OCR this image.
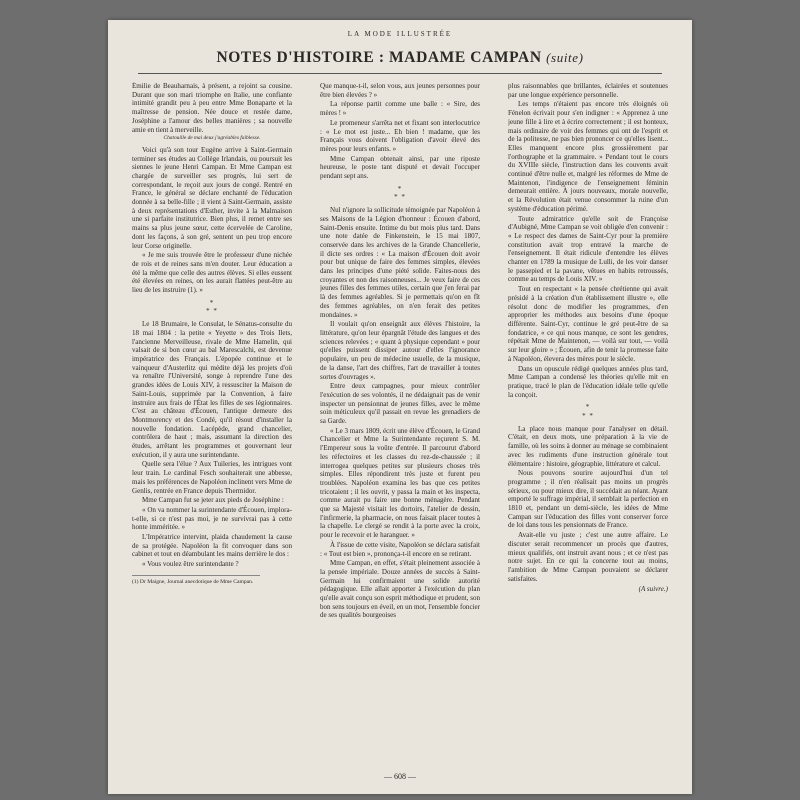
LA MODE ILLUSTRÉE
NOTES D'HISTOIRE : MADAME CAMPAN (suite)

Émilie de Beauharnais, à présent, a rejoint sa cousine. Durant que son mari triomphe en Italie, une confiante intimité grandit peu à peu entre Mme Bonaparte et la maîtresse de pension. Née douce et restée dame, Joséphine a l'amour des belles manières ; sa nouvelle amie en tient à merveille.

Chatouille de mai deux j'agréables faiblesse.

Voici qu'à son tour Eugène arrive à Saint-Germain terminer ses études au Collège Irlandais, ou poursuit les siennes le jeune Henri Campan. Et Mme Campan est chargée de surveiller ses progrès, lui sert de correspondant, le reçoit aux jours de congé. Rentré en France, le général se déclare enchanté de l'éducation donnée à sa belle-fille ; il vient à Saint-Germain, assiste à deux représentations d'Esther, invite à la Malmaison une si parfaite institutrice. Bien plus, il remet entre ses mains sa plus jeune sœur, cette écervelée de Caroline, dont les façons, à son gré, sentent un peu trop encore leur Corse originelle.

« Je me suis trouvée être le professeur d'une nichée de rois et de reines sans m'en douter. Leur éducation a été la même que celle des autres élèves. Si elles eussent été élevées en reines, on les aurait flattées peut-être au lieu de les instruire (1). »

*
* *

Le 18 Brumaire, le Consulat, le Sénatus-consulte du 18 mai 1804 : la petite « Yeyette » des Trois Ilets, l'ancienne Merveilleuse, rivale de Mme Hamelin, qui valsait de si bon cœur au bal Marescalchi, est devenue impératrice des Français. L'épopée continue et le vainqueur d'Austerlitz qui médite déjà les projets d'où va renaître l'Université, songe à reprendre l'une des grandes idées de Louis XIV, à ressusciter la Maison de Saint-Louis, supprimée par la Convention, à faire instruire aux frais de l'État les filles de ses légionnaires. C'est au château d'Écouen, l'antique demeure des Montmorency et des Condé, qu'il résout d'installer la nouvelle fondation. Lacépède, grand chancelier, contrôlera de haut ; mais, assumant la direction des études, arrêtant les programmes et gouvernant leur exécution, il y aura une surintendante.

Quelle sera l'élue ? Aux Tuileries, les intrigues vont leur train. Le cardinal Fesch souhaiterait une abbesse, mais les préférences de Napoléon inclinent vers Mme de Genlis, rentrée en France depuis Thermidor.

Mme Campan fut se jeter aux pieds de Joséphine :

« On va nommer la surintendante d'Écouen, implora-t-elle, si ce n'est pas moi, je ne survivrai pas à cette honte imméritée. »

L'Impératrice intervint, plaida chaudement la cause de sa protégée. Napoléon la fit convoquer dans son cabinet et tout en déambulant les mains derrière le dos :

« Vous voulez être surintendante ?

(1) Dr Maigne, Journal anecdotique de Mme Campan.

Que manque-t-il, selon vous, aux jeunes personnes pour être bien élevées ? »

La réponse partit comme une balle : « Sire, des mères ! »

Le promeneur s'arrêta net et fixant son interlocutrice : « Le mot est juste... Eh bien ! madame, que les Français vous doivent l'obligation d'avoir élevé des mères pour leurs enfants. »

Mme Campan obtenait ainsi, par une riposte heureuse, le poste tant disputé et devait l'occuper pendant sept ans.

*
* *

Nul n'ignore la sollicitude témoignée par Napoléon à ses Maisons de la Légion d'honneur : Écouen d'abord, Saint-Denis ensuite. Intime du but mois plus tard. Dans une note datée de Finkenstein, le 15 mai 1807, conservée dans les archives de la Grande Chancellerie, il dicte ses ordres : « La maison d'Écouen doit avoir pour but unique de faire des femmes simples, élevées dans les principes d'une piété solide. Faites-nous des croyantes et non des raisonneuses... Je veux faire de ces jeunes filles des femmes utiles, certain que j'en ferai par là des femmes agréables. Si je permettais qu'on en fît des femmes agréables, on n'en ferait des petites mondaines. »

Il voulait qu'on enseignât aux élèves l'histoire, la littérature, qu'on leur épargnât l'étude des langues et des sciences relevées ; « quant à physique cependant » pour qu'elles puissent dissiper autour d'elles l'ignorance populaire, un peu de médecine usuelle, de la musique, de la danse, l'art des chiffres, l'art de travailler à toutes sortes d'ouvrages ».

Entre deux campagnes, pour mieux contrôler l'exécution de ses volontés, il ne dédaignait pas de venir inspecter un pensionnat de jeunes filles, avec le même soin méticuleux qu'il passait en revue les grenadiers de sa Garde.

« Le 3 mars 1809, écrit une élève d'Écouen, le Grand Chancelier et Mme la Surintendante reçurent S. M. l'Empereur sous la voûte d'entrée. Il parcourut d'abord les réfectoires et les classes du rez-de-chaussée ; il interrogea quelques petites sur plusieurs choses très simples. Elles répondirent très juste et furent peu troublées. Napoléon examina les bas que ces petites tricotaient ; il les ouvrit, y passa la main et les inspecta, comme aurait pu faire une bonne ménagère. Pendant que sa Majesté visitait les dortoirs, l'atelier de dessin, l'infirmerie, la pharmacie, on nous faisait placer toutes à la chapelle. Le clergé se rendit à la porte avec la croix, pour le recevoir et le haranguer. »

À l'issue de cette visite, Napoléon se déclara satisfait : « Tout est bien », prononça-t-il encore en se retirant.

Mme Campan, en effet, s'était pleinement associée à la pensée impériale. Douze années de succès à Saint-Germain lui confirmaient une solide autorité pédagogique. Elle allait apporter à l'exécution du plan qu'elle avait conçu son esprit méthodique et prudent, son bon sens toujours en éveil, en un mot, l'ensemble foncier de ses qualités bourgeoises

plus raisonnables que brillantes, éclairées et soutenues par une longue expérience personnelle.

Les temps n'étaient pas encore très éloignés où Fénelon écrivait pour s'en indigner : « Apprenez à une jeune fille à lire et à écrire correctement ; il est honteux, mais ordinaire de voir des femmes qui ont de l'esprit et de la politesse, ne pas bien prononcer ce qu'elles lisent... Elles manquent encore plus grossièrement par l'orthographe et la grammaire. » Pendant tout le cours du XVIIIe siècle, l'instruction dans les couvents avait continué d'être nulle et, malgré les réformes de Mme de Maintenon, l'indigence de l'enseignement féminin demeurait entière. À jours nouveaux, morale nouvelle, et la Révolution était venue consommer la ruine d'un système d'éducation périmé.

Toute admiratrice qu'elle soit de Françoise d'Aubigné, Mme Campan se voit obligée d'en convenir : « Le respect des dames de Saint-Cyr pour la première constitution avait trop entravé la marche de l'enseignement. Il était ridicule d'entendre les élèves chanter en 1789 la musique de Lulli, de les voir danser le passepied et la pavane, vêtues en habits retroussés, comme au temps de Louis XIV. »

Tout en respectant « la pensée chrétienne qui avait présidé à la création d'un établissement illustre », elle résolut donc de modifier les programmes, d'en approprier les méthodes aux besoins d'une époque différente. Saint-Cyr, continue le gré peut-être de sa fondatrice, « ce qui nous manque, ce sont les gendres, répétait Mme de Maintenon, — voilà sur tout, — voilà sur leur gloire » ; Écouen, afin de tenir la promesse faite à Napoléon, élevera des mères pour le siècle.

Dans un opuscule rédigé quelques années plus tard, Mme Campan a condensé les théories qu'elle mit en pratique, tracé le plan de l'éducation idéale telle qu'elle la conçoit.

*
* *

La place nous manque pour l'analyser en détail. C'était, en deux mots, une préparation à la vie de famille, où les soins à donner au ménage se combinaient avec les rudiments d'une instruction générale tout élémentaire : histoire, géographie, littérature et calcul.

Nous pouvons sourire aujourd'hui d'un tel programme ; il n'en réalisait pas moins un progrès sérieux, ou pour mieux dire, il succédait au néant. Ayant emporté le suffrage impérial, il semblait la perfection en 1810 et, pendant un demi-siècle, les idées de Mme Campan sur l'éducation des filles vont conserver force de loi dans tous les pensionnats de France.

Avait-elle vu juste ; c'est une autre affaire. Le discuter serait recommencer un procès que d'autres, mieux qualifiés, ont instruit avant nous ; et ce n'est pas notre sujet. En ce qui la concerne tout au moins, l'ambition de Mme Campan pouvaient se déclarer satisfaites.

(A suivre.)

— 608 —
